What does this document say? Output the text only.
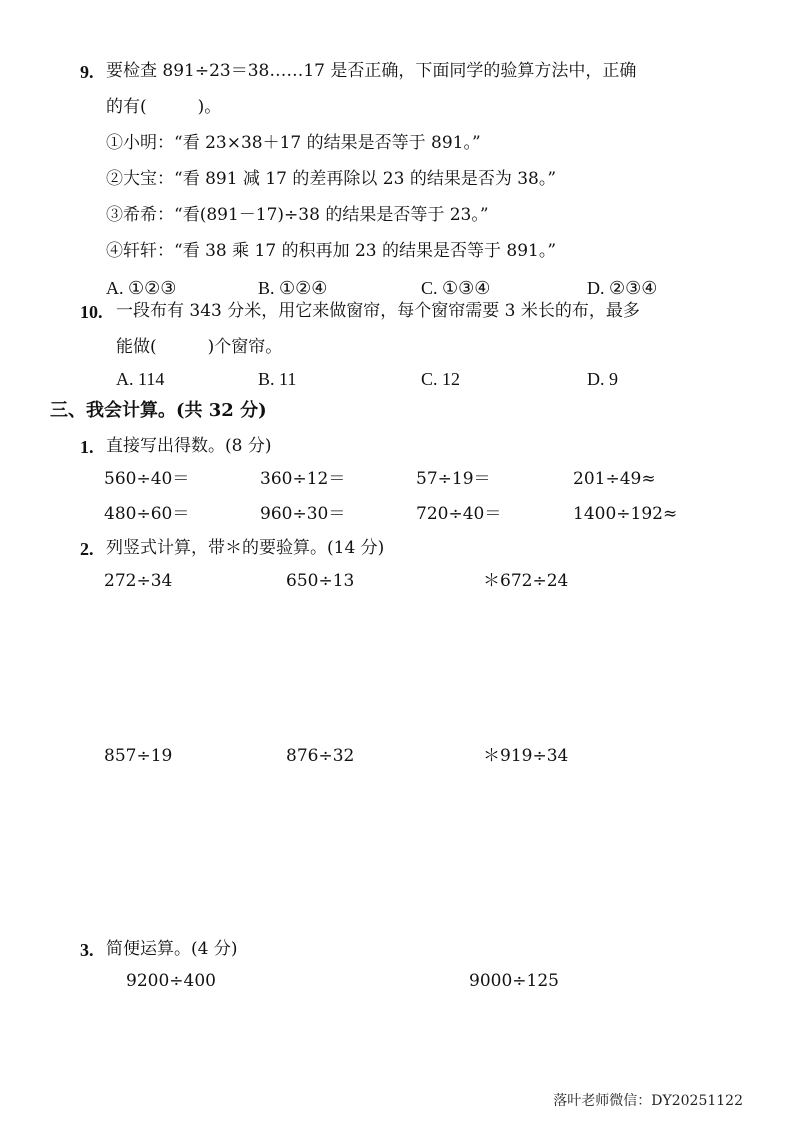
9. 要检查 891÷23＝38……17 是否正确，下面同学的验算方法中，正确
的有(　　　)。
①小明：“看 23×38＋17 的结果是否等于 891。”
②大宝：“看 891 减 17 的差再除以 23 的结果是否为 38。”
③希希：“看(891－17)÷38 的结果是否等于 23。”
④轩轩：“看 38 乘 17 的积再加 23 的结果是否等于 891。”
A. ①②③	B. ①②④	C. ①③④	D. ②③④
10. 一段布有 343 分米，用它来做窗帘，每个窗帘需要 3 米长的布，最多
能做(　　　)个窗帘。
A. 114	B. 11	C. 12	D. 9
三、我会计算。(共 32 分)
1. 直接写出得数。(8 分)
560÷40＝	360÷12＝	57÷19＝	201÷49≈
480÷60＝	960÷30＝	720÷40＝	1400÷192≈
2. 列竖式计算，带＊的要验算。(14 分)
272÷34	650÷13	＊672÷24
857÷19	876÷32	＊919÷34
3. 简便运算。(4 分)
9200÷400	9000÷125
落叶老师微信：DY20251122
